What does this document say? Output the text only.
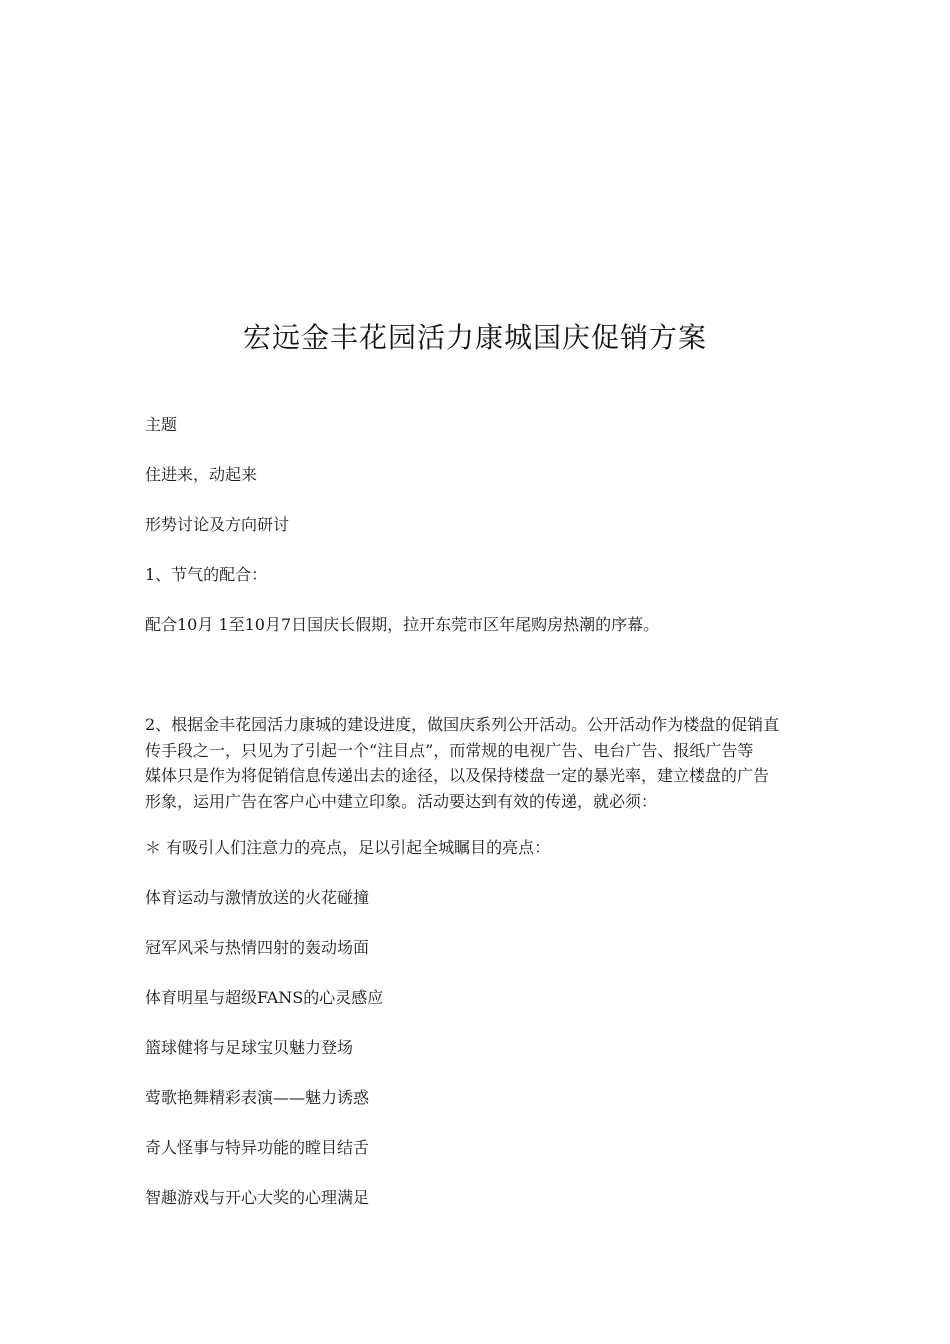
宏远金丰花园活力康城国庆促销方案
主题
住进来，动起来
形势讨论及方向研讨
1、节气的配合：
配合10月 1至10月7日国庆长假期，拉开东莞市区年尾购房热潮的序幕。
2、根据金丰花园活力康城的建设进度，做国庆系列公开活动。公开活动作为楼盘的促销直
传手段之一，只见为了引起一个“注目点”，而常规的电视广告、电台广告、报纸广告等
媒体只是作为将促销信息传递出去的途径，以及保持楼盘一定的暴光率，建立楼盘的广告
形象，运用广告在客户心中建立印象。活动要达到有效的传递，就必须：
＊ 有吸引人们注意力的亮点，足以引起全城瞩目的亮点：
体育运动与激情放送的火花碰撞
冠军风采与热情四射的轰动场面
体育明星与超级FANS的心灵感应
篮球健将与足球宝贝魅力登场
莺歌艳舞精彩表演——魅力诱惑
奇人怪事与特异功能的瞠目结舌
智趣游戏与开心大奖的心理满足
